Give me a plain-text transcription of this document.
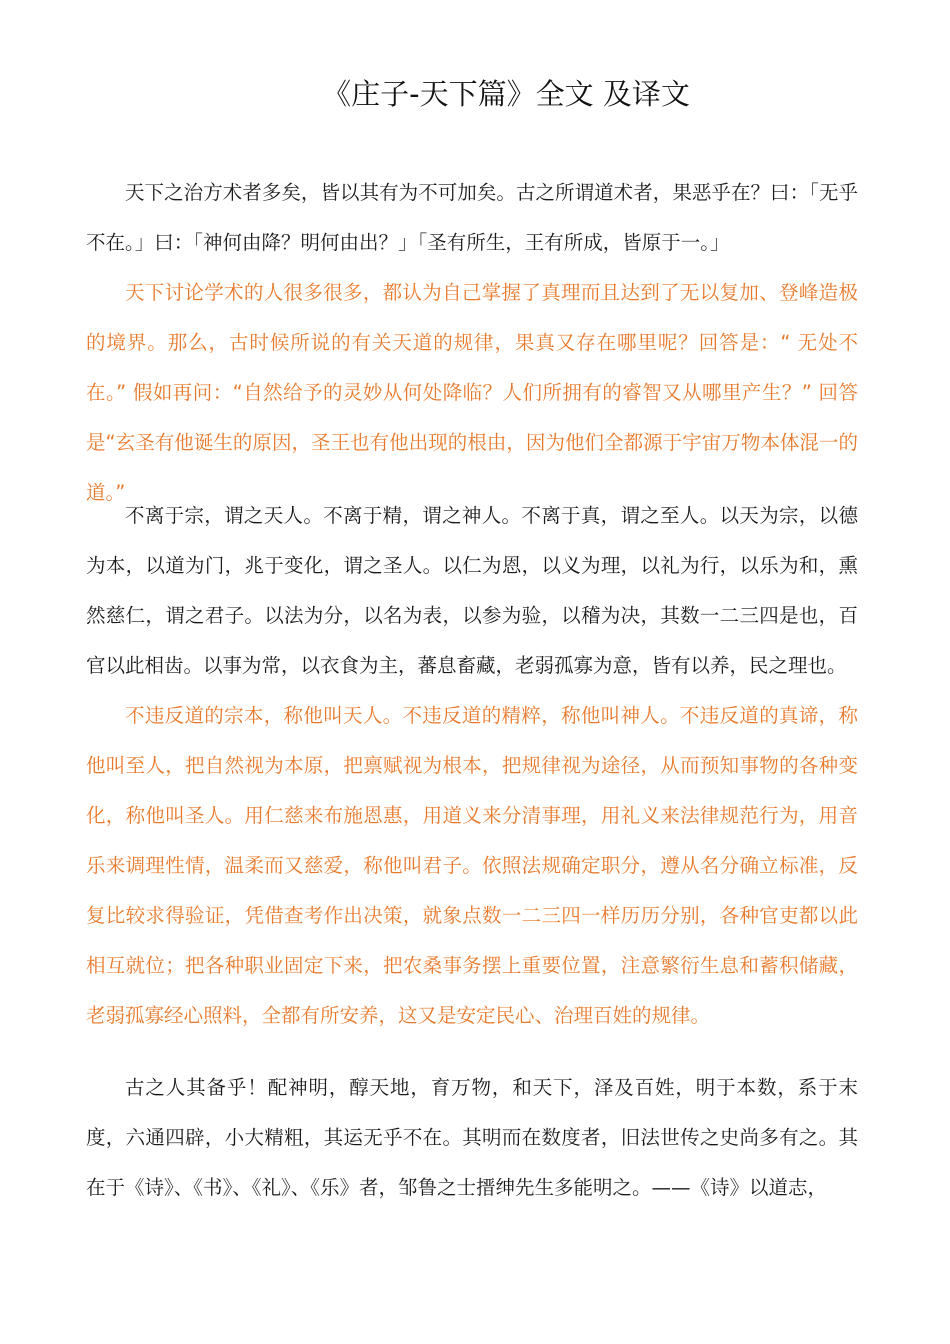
《庄子-天下篇》全文 及译文

天下之治方术者多矣，皆以其有为不可加矣。古之所谓道术者，果恶乎在？曰：「无乎不在。」曰：「神何由降？明何由出？」「圣有所生，王有所成，皆原于一。」

天下讨论学术的人很多很多，都认为自己掌握了真理而且达到了无以复加、登峰造极的境界。那么，古时候所说的有关天道的规律，果真又存在哪里呢？回答是：“ 无处不在。” 假如再问：“自然给予的灵妙从何处降临？人们所拥有的睿智又从哪里产生？” 回答是“玄圣有他诞生的原因，圣王也有他出现的根由，因为他们全都源于宇宙万物本体混一的道。”

不离于宗，谓之天人。不离于精，谓之神人。不离于真，谓之至人。以天为宗，以德为本，以道为门，兆于变化，谓之圣人。以仁为恩，以义为理，以礼为行，以乐为和，熏然慈仁，谓之君子。以法为分，以名为表，以参为验，以稽为决，其数一二三四是也，百官以此相齿。以事为常，以衣食为主，蕃息畜藏，老弱孤寡为意，皆有以养，民之理也。

不违反道的宗本，称他叫天人。不违反道的精粹，称他叫神人。不违反道的真谛，称他叫至人，把自然视为本原，把禀赋视为根本，把规律视为途径，从而预知事物的各种变化，称他叫圣人。用仁慈来布施恩惠，用道义来分清事理，用礼义来法律规范行为，用音乐来调理性情，温柔而又慈爱，称他叫君子。依照法规确定职分，遵从名分确立标准，反复比较求得验证，凭借查考作出决策，就象点数一二三四一样历历分别，各种官吏都以此相互就位；把各种职业固定下来，把农桑事务摆上重要位置，注意繁衍生息和蓄积储藏，老弱孤寡经心照料，全都有所安养，这又是安定民心、治理百姓的规律。

古之人其备乎！配神明，醇天地，育万物，和天下，泽及百姓，明于本数，系于末度，六通四辟，小大精粗，其运无乎不在。其明而在数度者，旧法世传之史尚多有之。其在于《诗》、《书》、《礼》、《乐》者，邹鲁之士搢绅先生多能明之。——《诗》以道志，
